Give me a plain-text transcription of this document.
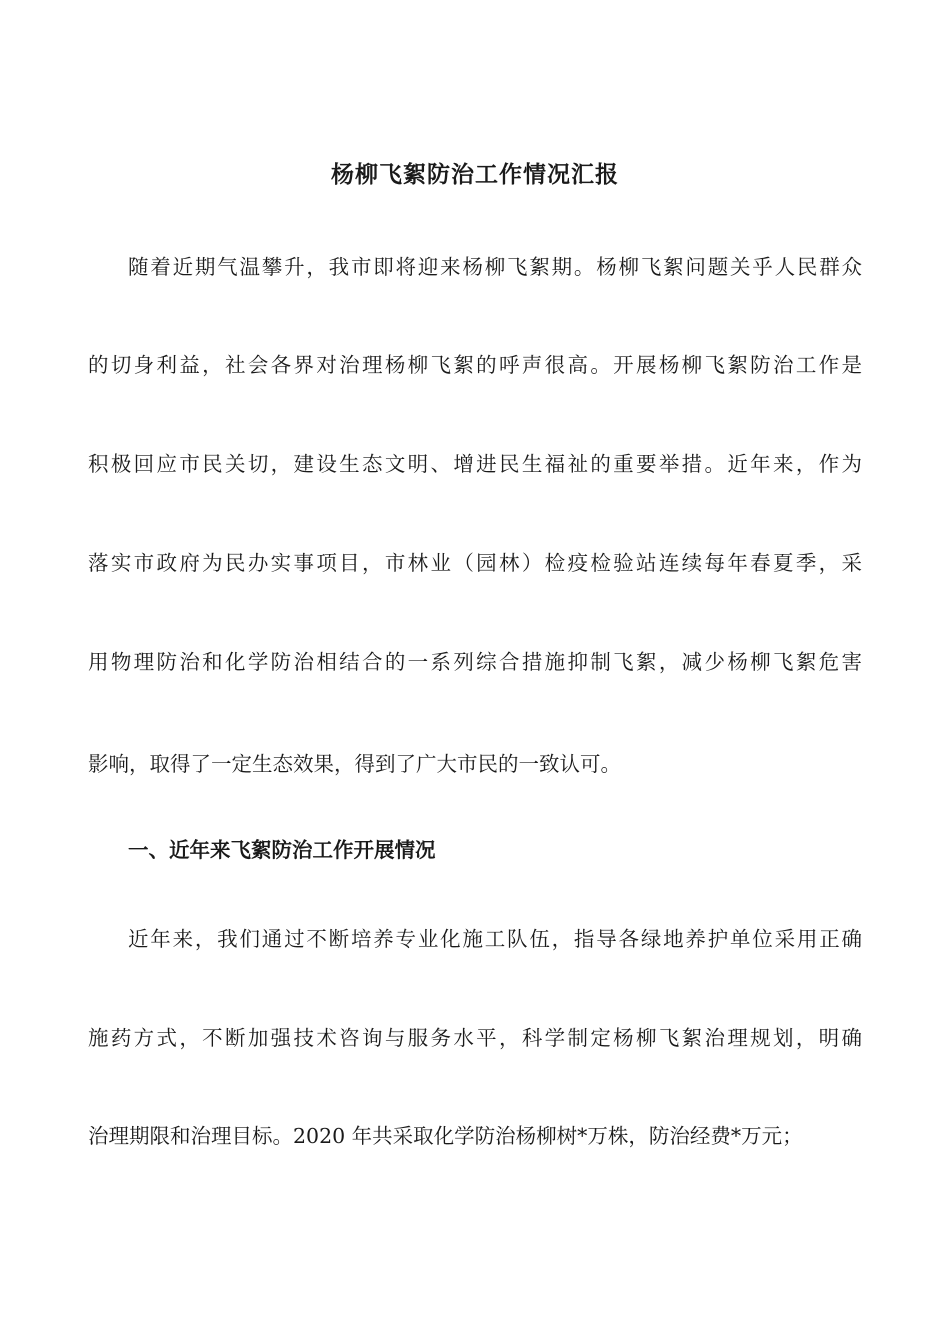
杨柳飞絮防治工作情况汇报
随着近期气温攀升，我市即将迎来杨柳飞絮期。杨柳飞絮问题关乎人民群众
的切身利益，社会各界对治理杨柳飞絮的呼声很高。开展杨柳飞絮防治工作是
积极回应市民关切，建设生态文明、增进民生福祉的重要举措。近年来，作为
落实市政府为民办实事项目，市林业（园林）检疫检验站连续每年春夏季，采
用物理防治和化学防治相结合的一系列综合措施抑制飞絮，减少杨柳飞絮危害
影响，取得了一定生态效果，得到了广大市民的一致认可。
一、近年来飞絮防治工作开展情况
近年来，我们通过不断培养专业化施工队伍，指导各绿地养护单位采用正确
施药方式，不断加强技术咨询与服务水平，科学制定杨柳飞絮治理规划，明确
治理期限和治理目标。2020 年共采取化学防治杨柳树*万株，防治经费*万元；
